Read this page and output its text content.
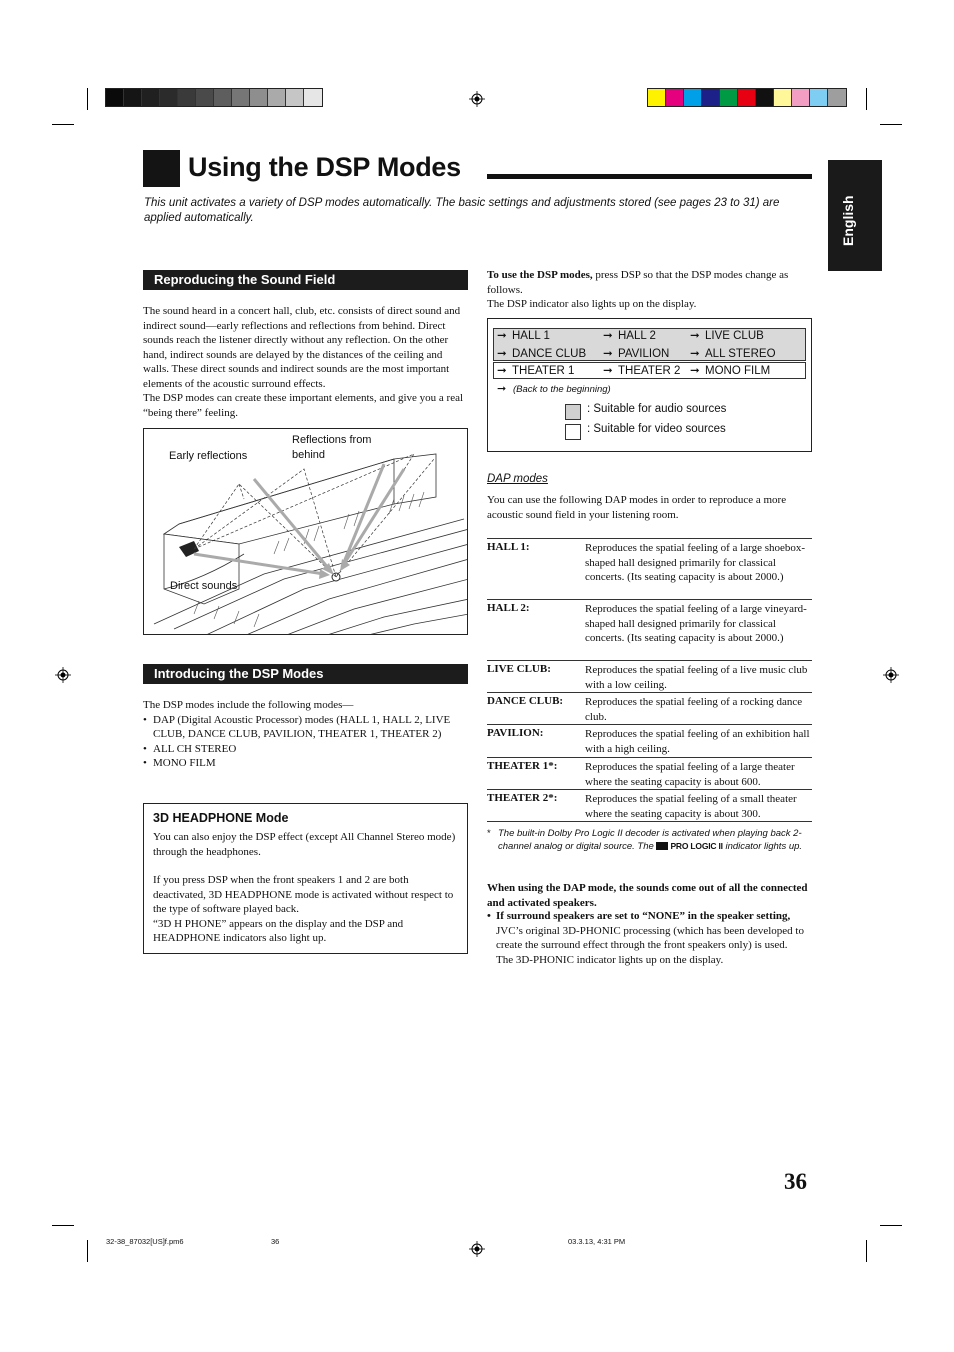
Using the DSP Modes
This unit activates a variety of DSP modes automatically. The basic settings and adjustments stored (see pages 23 to 31) are applied automatically.	English
Reproducing the Sound Field
The sound heard in a concert hall, club, etc. consists of direct sound and indirect sound—early reflections and reflections from behind. Direct sounds reach the listener directly without any reflection. On the other hand, indirect sounds are delayed by the distances of the ceiling and walls. These direct sounds and indirect sounds are the most important elements of the acoustic surround effects.
The DSP modes can create these important elements, and give you a real “being there” feeling.
Early reflections
Reflections from behind
Direct sounds
Introducing the DSP Modes
The DSP modes include the following modes—
• DAP (Digital Acoustic Processor) modes (HALL 1, HALL 2, LIVE CLUB, DANCE CLUB, PAVILION, THEATER 1, THEATER 2)
• ALL CH STEREO
• MONO FILM
3D HEADPHONE Mode
You can also enjoy the DSP effect (except All Channel Stereo mode) through the headphones.
If you press DSP when the front speakers 1 and 2 are both deactivated, 3D HEADPHONE mode is activated without respect to the type of software played back.
“3D H PHONE” appears on the display and the DSP and HEADPHONE indicators also light up.
To use the DSP modes, press DSP so that the DSP modes change as follows.
The DSP indicator also lights up on the display.
➞ HALL 1	➞ HALL 2	➞ LIVE CLUB
➞ DANCE CLUB ➞ PAVILION ➞ ALL STEREO
➞ THEATER 1 ➞ THEATER 2 ➞ MONO FILM
➞ (Back to the beginning)
: Suitable for audio sources
: Suitable for video sources
DAP modes
You can use the following DAP modes in order to reproduce a more acoustic sound field in your listening room.
HALL 1:	Reproduces the spatial feeling of a large shoebox-shaped hall designed primarily for classical concerts. (Its seating capacity is about 2000.)
HALL 2:	Reproduces the spatial feeling of a large vineyard-shaped hall designed primarily for classical concerts. (Its seating capacity is about 2000.)
LIVE CLUB:	Reproduces the spatial feeling of a live music club with a low ceiling.
DANCE CLUB: Reproduces the spatial feeling of a rocking dance club.
PAVILION:	Reproduces the spatial feeling of an exhibition hall with a high ceiling.
THEATER 1*:	Reproduces the spatial feeling of a large theater where the seating capacity is about 600.
THEATER 2*:	Reproduces the spatial feeling of a small theater where the seating capacity is about 300.
* The built-in Dolby Pro Logic II decoder is activated when playing back 2-channel analog or digital source. The PRO LOGIC II indicator lights up.
When using the DAP mode, the sounds come out of all the connected and activated speakers.
• If surround speakers are set to “NONE” in the speaker setting,
JVC’s original 3D-PHONIC processing (which has been developed to create the surround effect through the front speakers only) is used.
The 3D-PHONIC indicator lights up on the display.
36
32-38_87032[US]f.pm6	36	03.3.13, 4:31 PM
